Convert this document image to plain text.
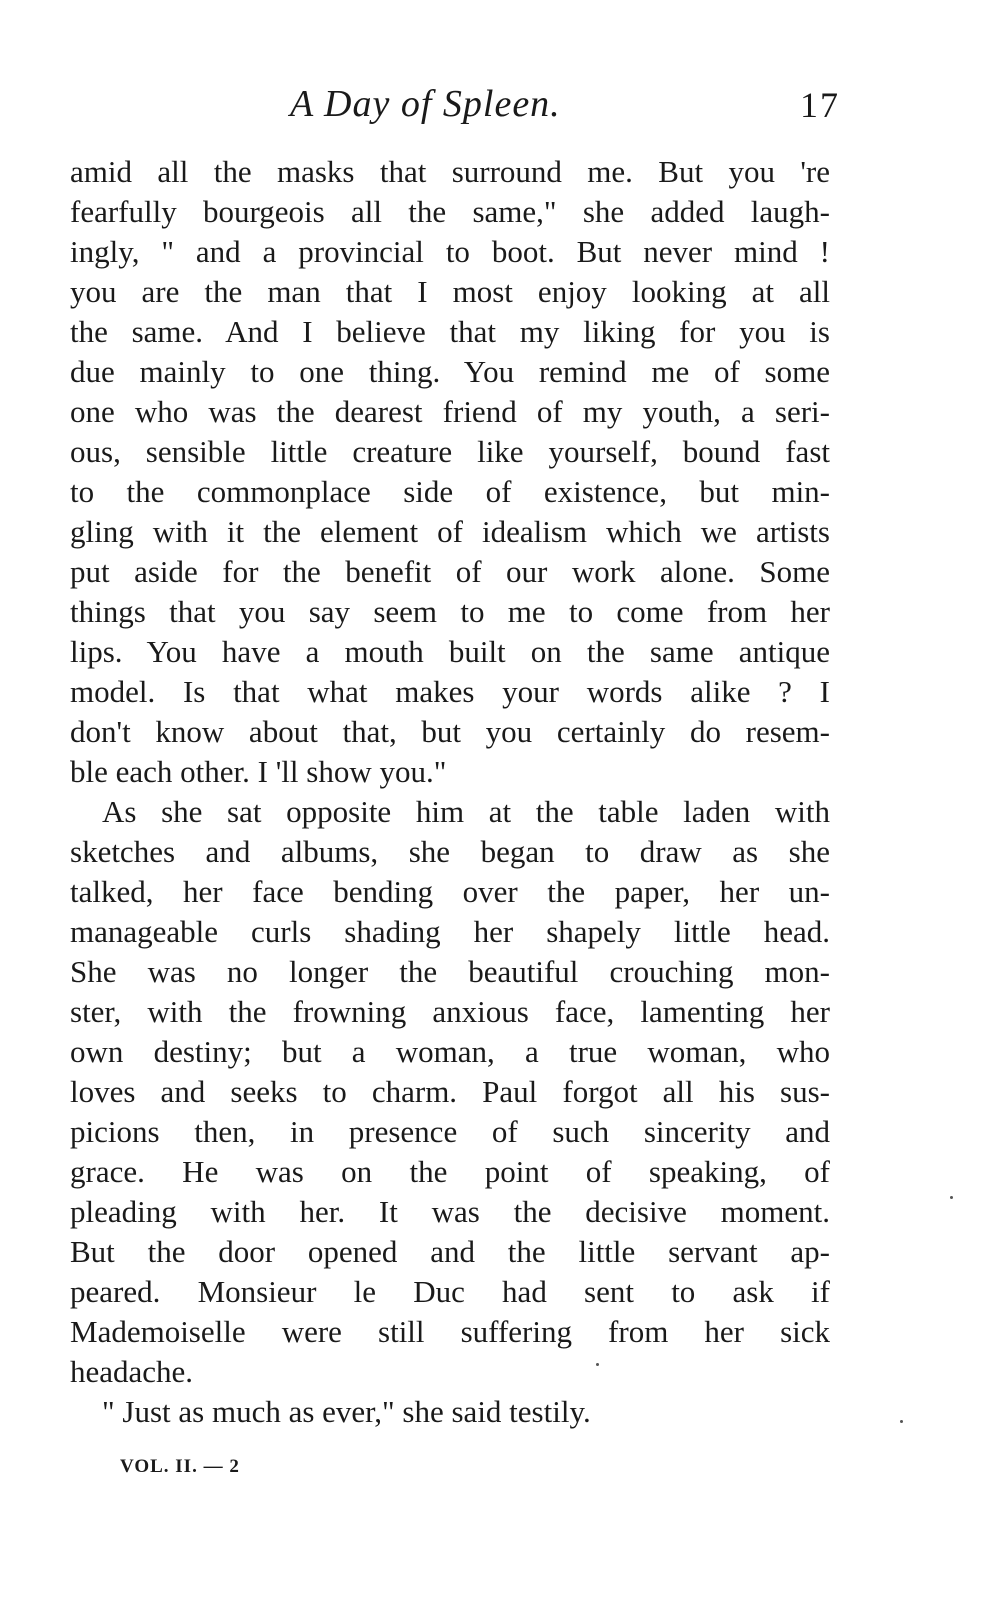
A Day of Spleen.	17
amid all the masks that surround me. But you 're
fearfully bourgeois all the same," she added laugh-
ingly, " and a provincial to boot. But never mind !
you are the man that I most enjoy looking at all
the same. And I believe that my liking for you is
due mainly to one thing. You remind me of some
one who was the dearest friend of my youth, a seri-
ous, sensible little creature like yourself, bound fast
to the commonplace side of existence, but min-
gling with it the element of idealism which we artists
put aside for the benefit of our work alone. Some
things that you say seem to me to come from her
lips. You have a mouth built on the same antique
model. Is that what makes your words alike ? I
don't know about that, but you certainly do resem-
ble each other. I 'll show you."
As she sat opposite him at the table laden with
sketches and albums, she began to draw as she
talked, her face bending over the paper, her un-
manageable curls shading her shapely little head.
She was no longer the beautiful crouching mon-
ster, with the frowning anxious face, lamenting her
own destiny; but a woman, a true woman, who
loves and seeks to charm. Paul forgot all his sus-
picions then, in presence of such sincerity and
grace. He was on the point of speaking, of
pleading with her. It was the decisive moment.
But the door opened and the little servant ap-
peared. Monsieur le Duc had sent to ask if
Mademoiselle were still suffering from her sick
headache.
" Just as much as ever," she said testily.
VOL. II. — 2
